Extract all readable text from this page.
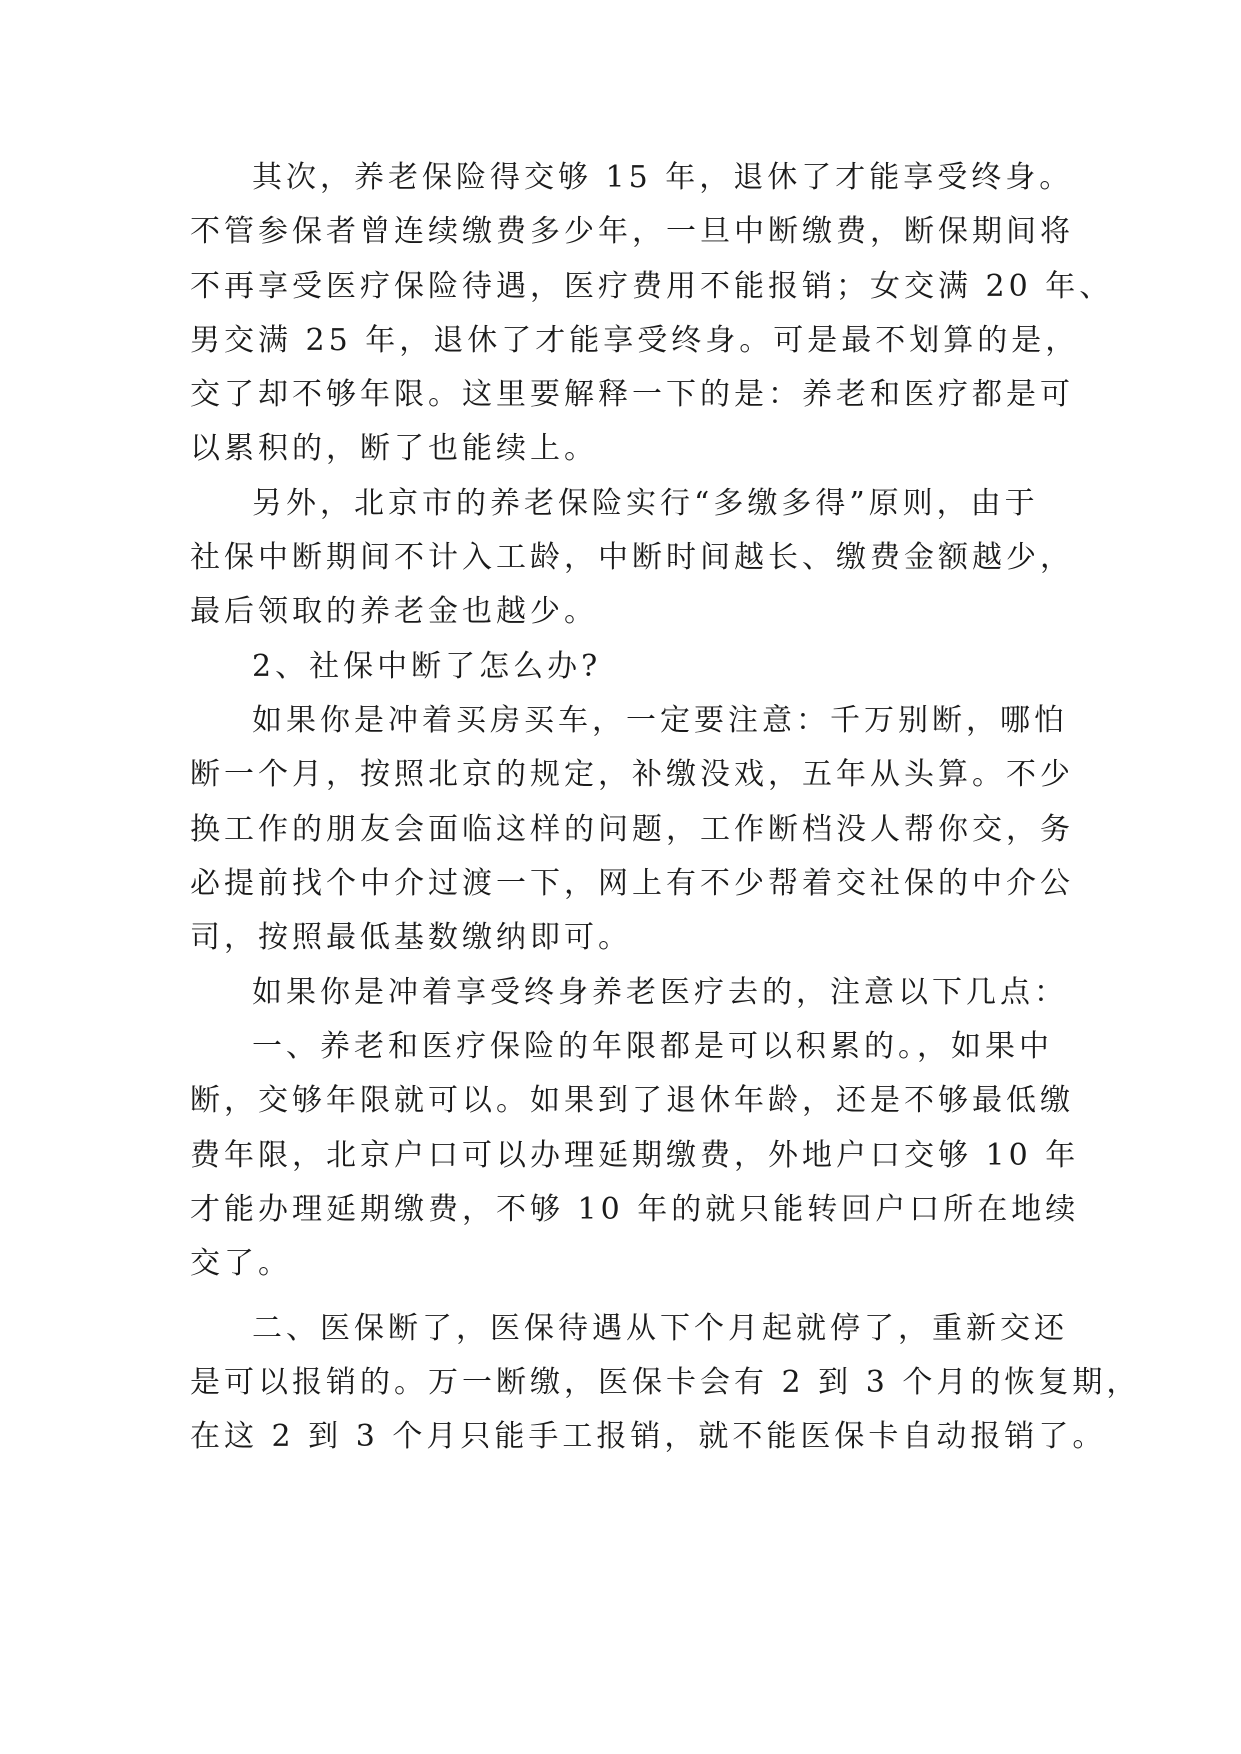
其次，养老保险得交够 15 年，退休了才能享受终身。
不管参保者曾连续缴费多少年，一旦中断缴费，断保期间将
不再享受医疗保险待遇，医疗费用不能报销；女交满 20 年、
男交满 25 年，退休了才能享受终身。可是最不划算的是，
交了却不够年限。这里要解释一下的是：养老和医疗都是可
以累积的，断了也能续上。
另外，北京市的养老保险实行“多缴多得”原则，由于
社保中断期间不计入工龄，中断时间越长、缴费金额越少，
最后领取的养老金也越少。
2、社保中断了怎么办?
如果你是冲着买房买车，一定要注意：千万别断，哪怕
断一个月，按照北京的规定，补缴没戏，五年从头算。不少
换工作的朋友会面临这样的问题，工作断档没人帮你交，务
必提前找个中介过渡一下，网上有不少帮着交社保的中介公
司，按照最低基数缴纳即可。
如果你是冲着享受终身养老医疗去的，注意以下几点：
一、养老和医疗保险的年限都是可以积累的。，如果中
断，交够年限就可以。如果到了退休年龄，还是不够最低缴
费年限，北京户口可以办理延期缴费，外地户口交够 10 年
才能办理延期缴费，不够 10 年的就只能转回户口所在地续
交了。
二、医保断了，医保待遇从下个月起就停了，重新交还
是可以报销的。万一断缴，医保卡会有 2 到 3 个月的恢复期，
在这 2 到 3 个月只能手工报销，就不能医保卡自动报销了。
